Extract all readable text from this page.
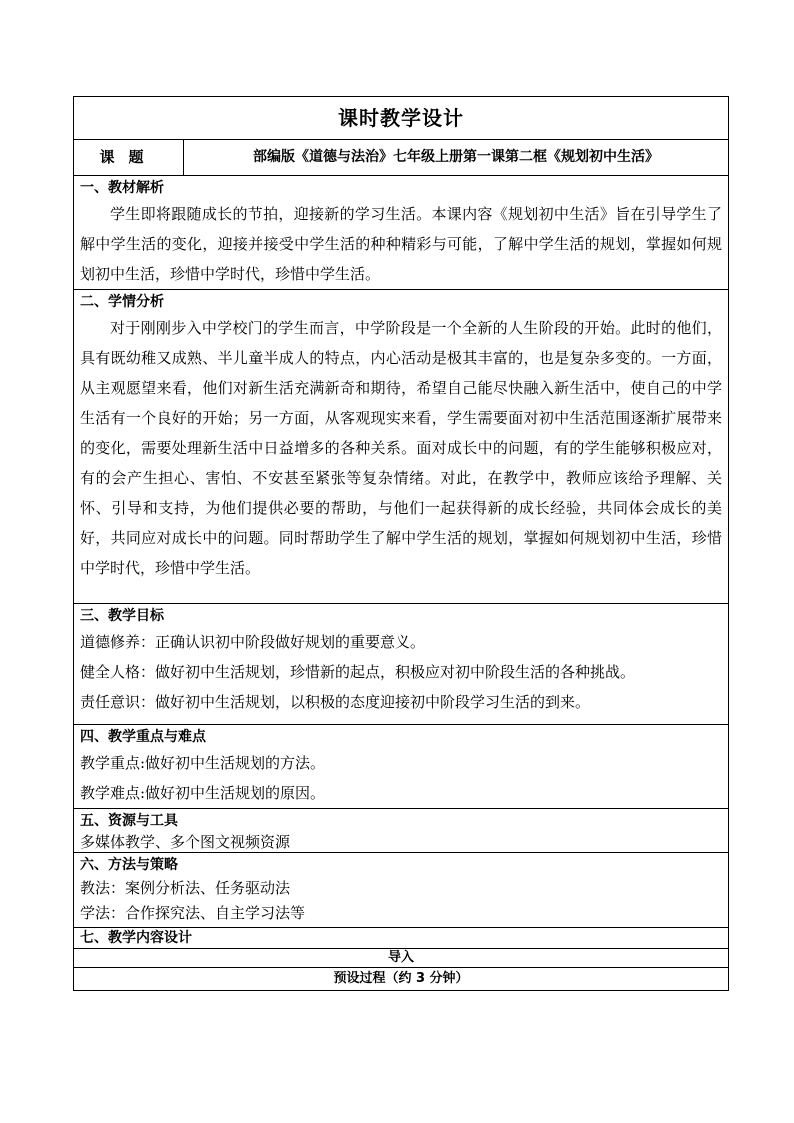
课时教学设计
课题	部编版《道德与法治》七年级上册第一课第二框《规划初中生活》

一、教材解析

学生即将跟随成长的节拍，迎接新的学习生活。本课内容《规划初中生活》旨在引导学生了解中学生活的变化，迎接并接受中学生活的种种精彩与可能，了解中学生活的规划，掌握如何规划初中生活，珍惜中学时代，珍惜中学生活。

二、学情分析

对于刚刚步入中学校门的学生而言，中学阶段是一个全新的人生阶段的开始。此时的他们，具有既幼稚又成熟、半儿童半成人的特点，内心活动是极其丰富的，也是复杂多变的。一方面，从主观愿望来看，他们对新生活充满新奇和期待，希望自己能尽快融入新生活中，使自己的中学生活有一个良好的开始；另一方面，从客观现实来看，学生需要面对初中生活范围逐渐扩展带来的变化，需要处理新生活中日益增多的各种关系。面对成长中的问题，有的学生能够积极应对，有的会产生担心、害怕、不安甚至紧张等复杂情绪。对此，在教学中，教师应该给予理解、关怀、引导和支持，为他们提供必要的帮助，与他们一起获得新的成长经验，共同体会成长的美好，共同应对成长中的问题。同时帮助学生了解中学生活的规划，掌握如何规划初中生活，珍惜中学时代，珍惜中学生活。

三、教学目标

道德修养：正确认识初中阶段做好规划的重要意义。

健全人格：做好初中生活规划，珍惜新的起点，积极应对初中阶段生活的各种挑战。

责任意识：做好初中生活规划，以积极的态度迎接初中阶段学习生活的到来。

四、教学重点与难点

教学重点:做好初中生活规划的方法。

教学难点:做好初中生活规划的原因。

五、资源与工具

多媒体教学、多个图文视频资源

六、方法与策略

教法：案例分析法、任务驱动法

学法：合作探究法、自主学习法等

七、教学内容设计

导入
预设过程（约 3 分钟）
